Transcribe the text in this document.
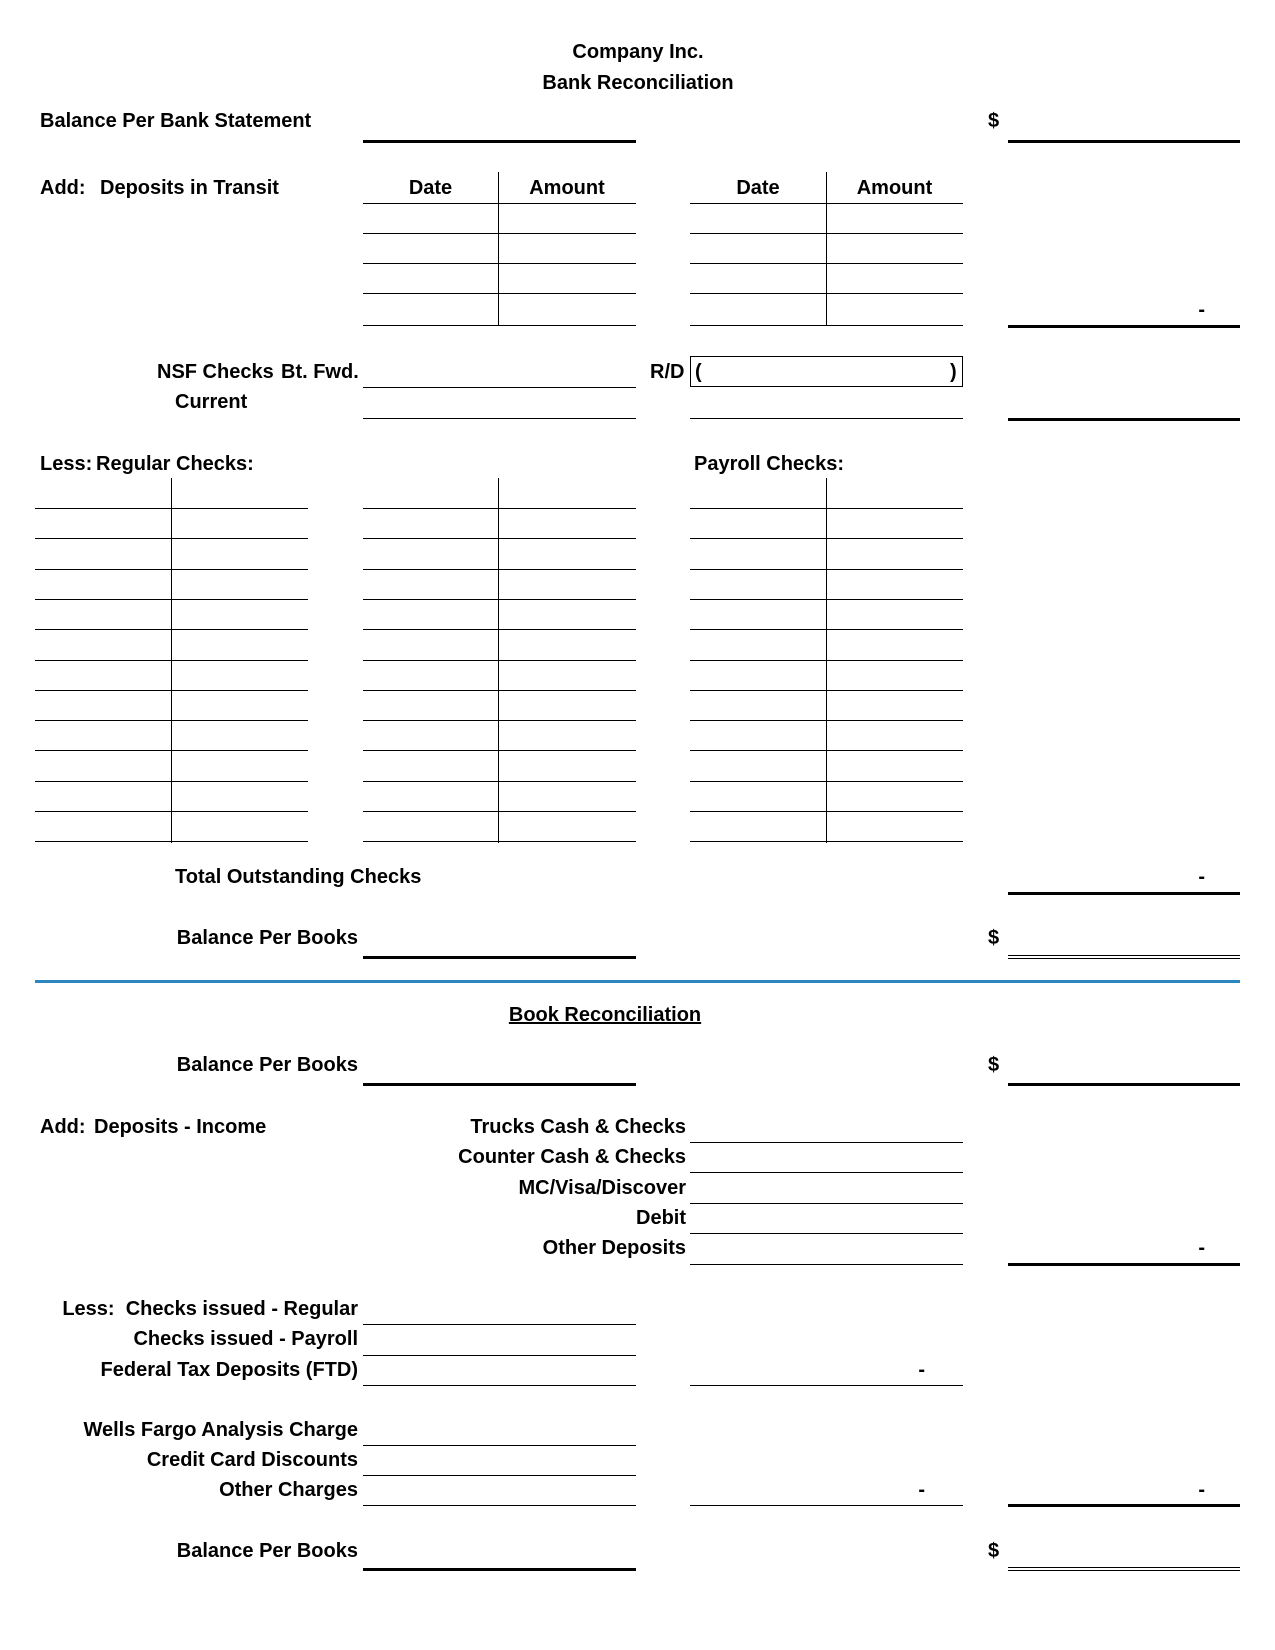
Company Inc.
Bank Reconciliation
Balance Per Bank Statement	$
Add: Deposits in Transit	Date	Amount	Date	Amount
-
NSF Checks Bt. Fwd.	R/D (	)
Current
Less: Regular Checks:	Payroll Checks:
Total Outstanding Checks	-
Balance Per Books	$
Book Reconciliation
Balance Per Books	$
Add: Deposits - Income	Trucks Cash & Checks
Counter Cash & Checks
MC/Visa/Discover
Debit
Other Deposits	-
Less: Checks issued - Regular
Checks issued - Payroll
Federal Tax Deposits (FTD)	-
Wells Fargo Analysis Charge
Credit Card Discounts
Other Charges	-	-
Balance Per Books	$
